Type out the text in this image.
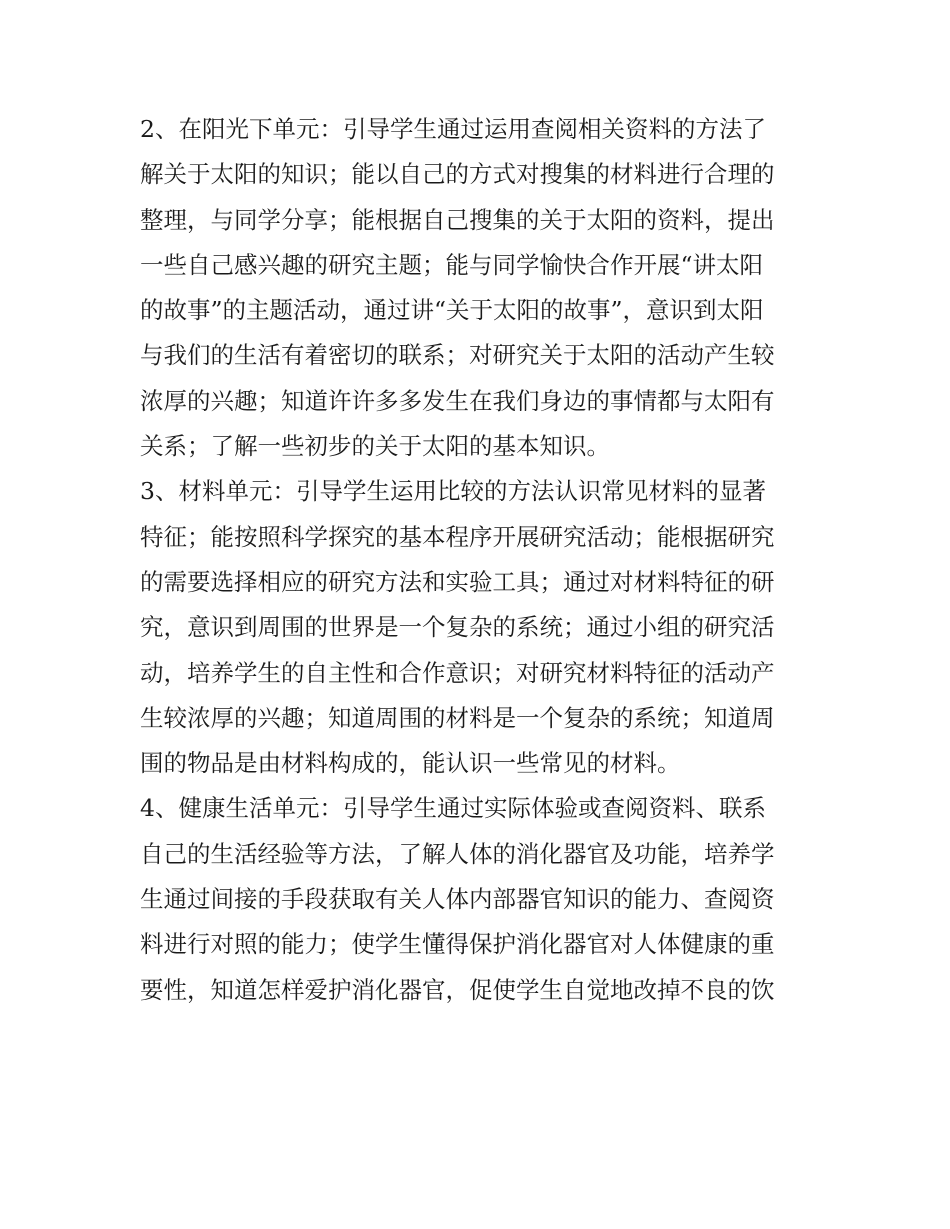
2、在阳光下单元：引导学生通过运用查阅相关资料的方法了
解关于太阳的知识；能以自己的方式对搜集的材料进行合理的
整理，与同学分享；能根据自己搜集的关于太阳的资料，提出
一些自己感兴趣的研究主题；能与同学愉快合作开展“讲太阳
的故事”的主题活动，通过讲“关于太阳的故事”，意识到太阳
与我们的生活有着密切的联系；对研究关于太阳的活动产生较
浓厚的兴趣；知道许许多多发生在我们身边的事情都与太阳有
关系；了解一些初步的关于太阳的基本知识。

3、材料单元：引导学生运用比较的方法认识常见材料的显著
特征；能按照科学探究的基本程序开展研究活动；能根据研究
的需要选择相应的研究方法和实验工具；通过对材料特征的研
究，意识到周围的世界是一个复杂的系统；通过小组的研究活
动，培养学生的自主性和合作意识；对研究材料特征的活动产
生较浓厚的兴趣；知道周围的材料是一个复杂的系统；知道周
围的物品是由材料构成的，能认识一些常见的材料。

4、健康生活单元：引导学生通过实际体验或查阅资料、联系
自己的生活经验等方法，了解人体的消化器官及功能，培养学
生通过间接的手段获取有关人体内部器官知识的能力、查阅资
料进行对照的能力；使学生懂得保护消化器官对人体健康的重
要性，知道怎样爱护消化器官，促使学生自觉地改掉不良的饮
